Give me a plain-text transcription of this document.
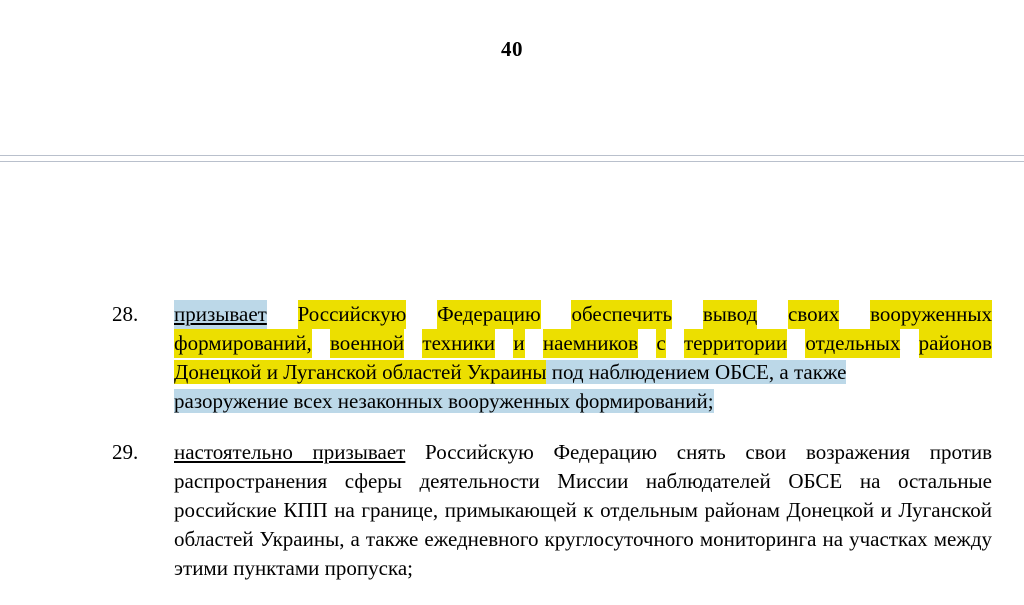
40
28.	призывает Российскую Федерацию обеспечить вывод своих вооруженных
формирований, военной техники и наемников с территории отдельных районов
Донецкой и Луганской областей Украины под наблюдением ОБСЕ, а также
разоружение всех незаконных вооруженных формирований;
29.	настоятельно призывает Российскую Федерацию снять свои возражения против распространения сферы деятельности Миссии наблюдателей ОБСЕ на остальные российские КПП на границе, примыкающей к отдельным районам Донецкой и Луганской областей Украины, а также ежедневного круглосуточного мониторинга на участках между этими пунктами пропуска;
